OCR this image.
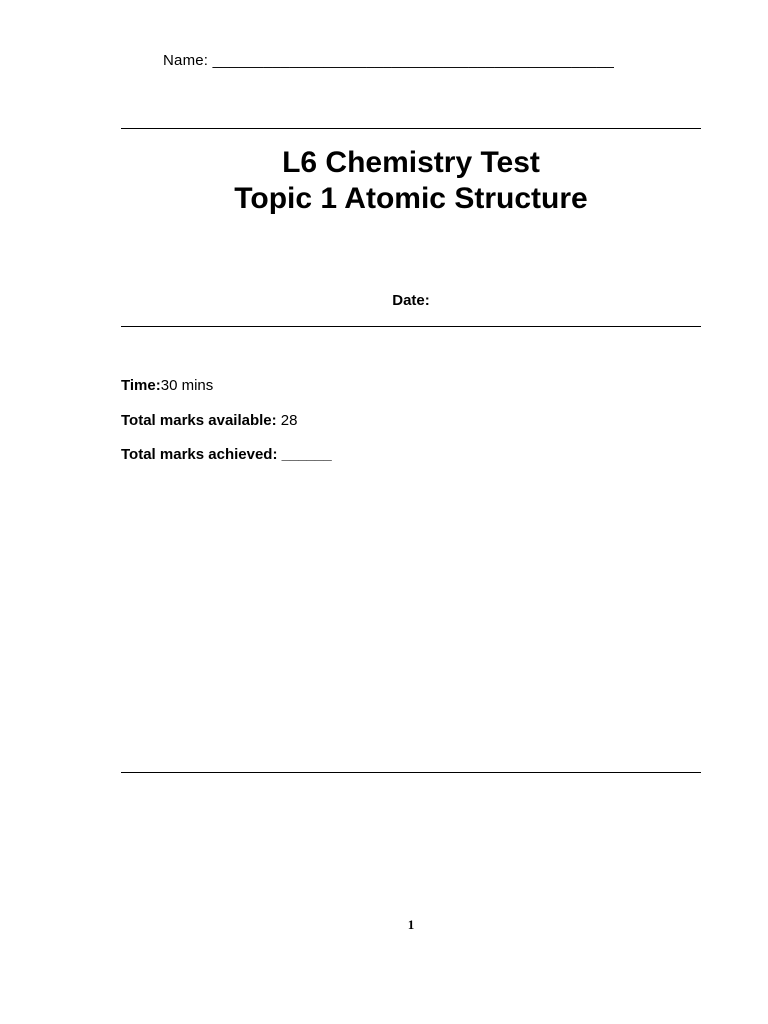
Name: _______________________________________________
L6 Chemistry Test
Topic 1 Atomic Structure
Date:
Time:30 mins
Total marks available: 28
Total marks achieved: ______
1
